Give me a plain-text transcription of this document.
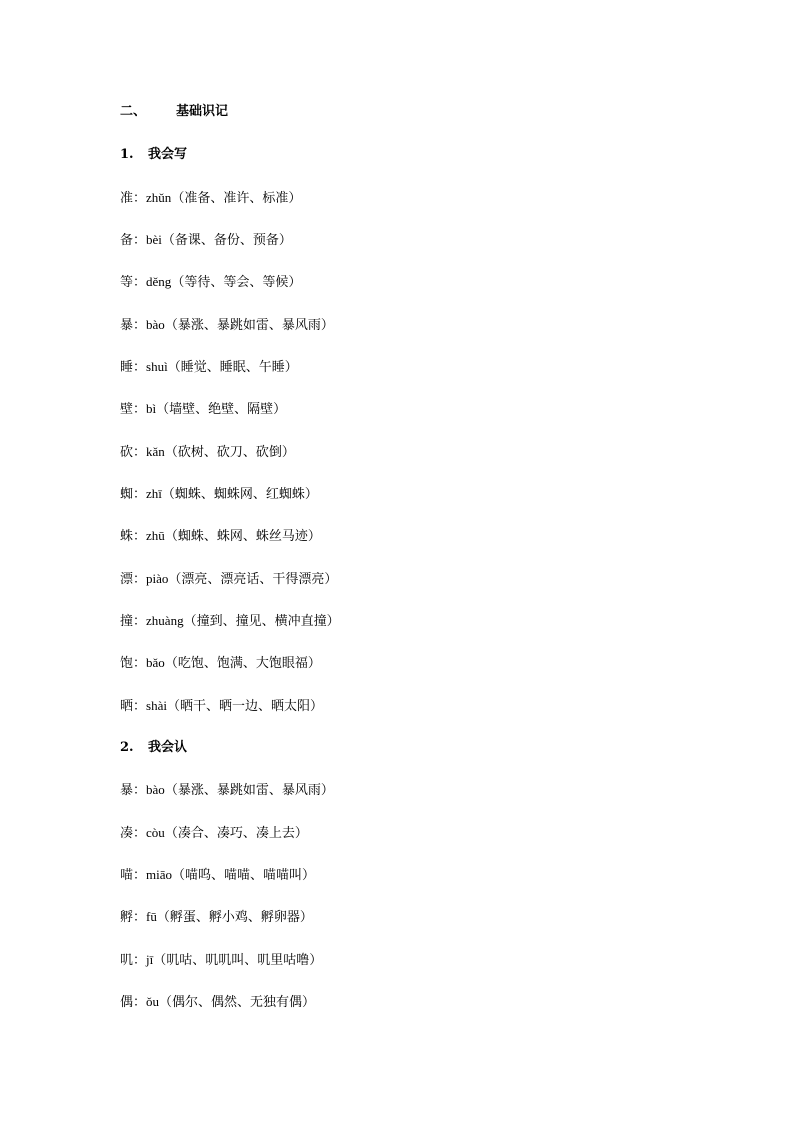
二、 基础识记
1. 我会写
准：zhǔn（准备、准许、标准）
备：bèi（备课、备份、预备）
等：děng（等待、等会、等候）
暴：bào（暴涨、暴跳如雷、暴风雨）
睡：shuì（睡觉、睡眠、午睡）
壁：bì（墙壁、绝壁、隔壁）
砍：kǎn（砍树、砍刀、砍倒）
蜘：zhī（蜘蛛、蜘蛛网、红蜘蛛）
蛛：zhū（蜘蛛、蛛网、蛛丝马迹）
漂：piào（漂亮、漂亮话、干得漂亮）
撞：zhuàng（撞到、撞见、横冲直撞）
饱：bǎo（吃饱、饱满、大饱眼福）
晒：shài（晒干、晒一边、晒太阳）
2. 我会认
暴：bào（暴涨、暴跳如雷、暴风雨）
凑：còu（凑合、凑巧、凑上去）
喵：miāo（喵呜、喵喵、喵喵叫）
孵：fū（孵蛋、孵小鸡、孵卵器）
叽：jī（叽咕、叽叽叫、叽里咕噜）
偶：ǒu（偶尔、偶然、无独有偶）
